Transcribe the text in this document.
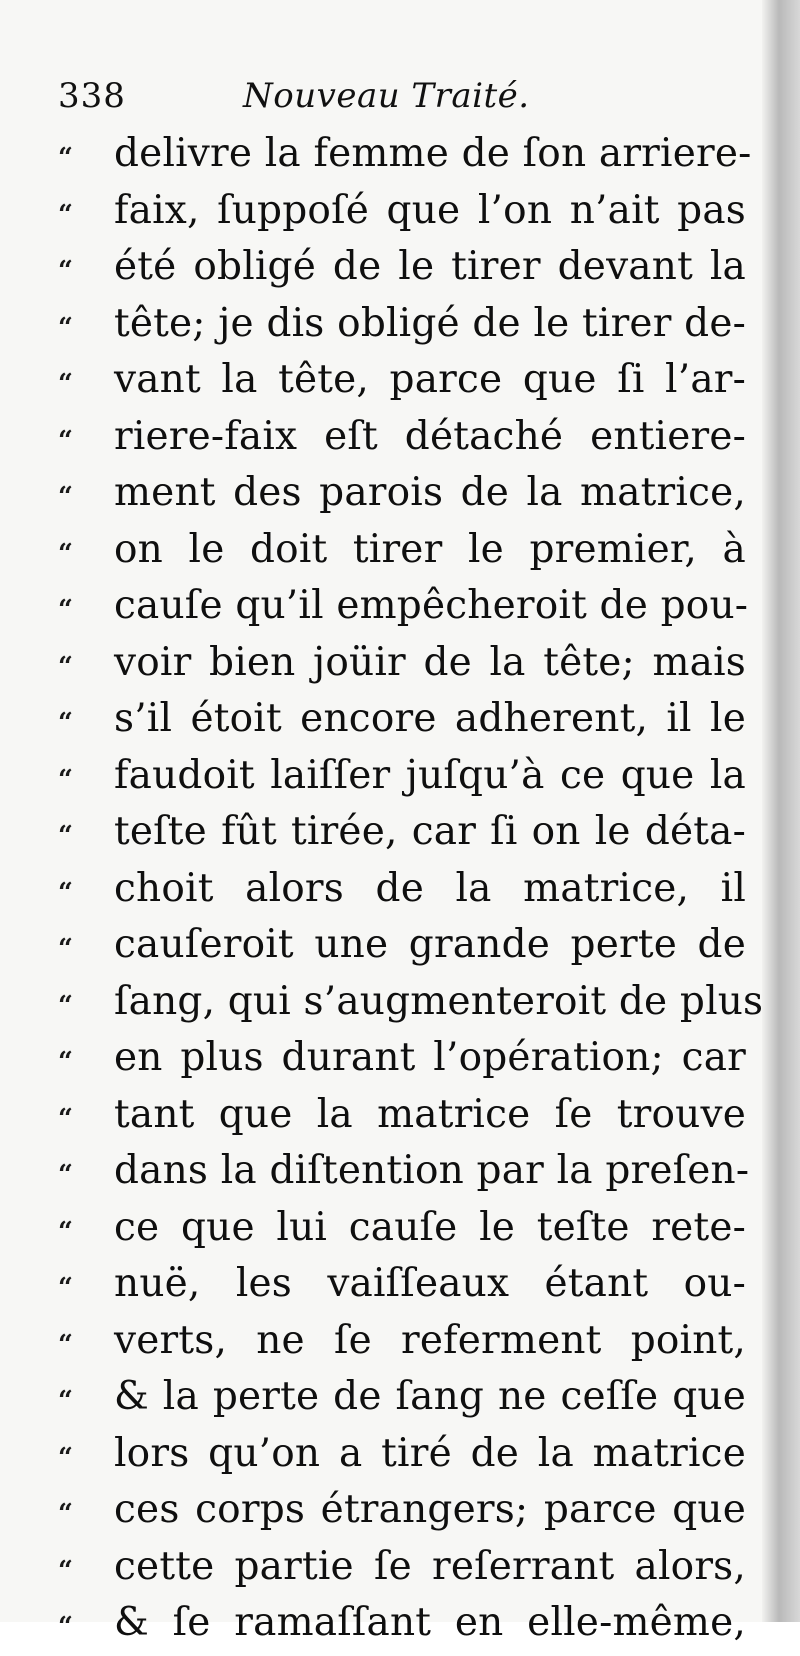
338	Nouveau Traité.
“	delivre la femme de ſon arriere-
“	faix, ſuppoſé que l’on n’ait pas
“	été obligé de le tirer devant la
“	tête; je dis obligé de le tirer de-
“	vant la tête, parce que ſi l’ar-
“	riere-faix eſt détaché entiere-
“	ment des parois de la matrice,
“	on le doit tirer le premier, à
“	cauſe qu’il empêcheroit de pou-
“	voir bien joüir de la tête; mais
“	s’il étoit encore adherent, il le
“	faudoit laiſſer juſqu’à ce que la
“	teſte fût tirée, car ſi on le déta-
“	choit alors de la matrice, il
“	cauſeroit une grande perte de
“	ſang, qui s’augmenteroit de plus
“	en plus durant l’opération; car
“	tant que la matrice ſe trouve
“	dans la diſtention par la preſen-
“	ce que lui cauſe le teſte rete-
“	nuë, les vaiſſeaux étant ou-
“	verts, ne ſe referment point,
“	& la perte de ſang ne ceſſe que
“	lors qu’on a tiré de la matrice
“	ces corps étrangers; parce que
“	cette partie ſe reſerrant alors,
“	& ſe ramaſſant en elle-même,
